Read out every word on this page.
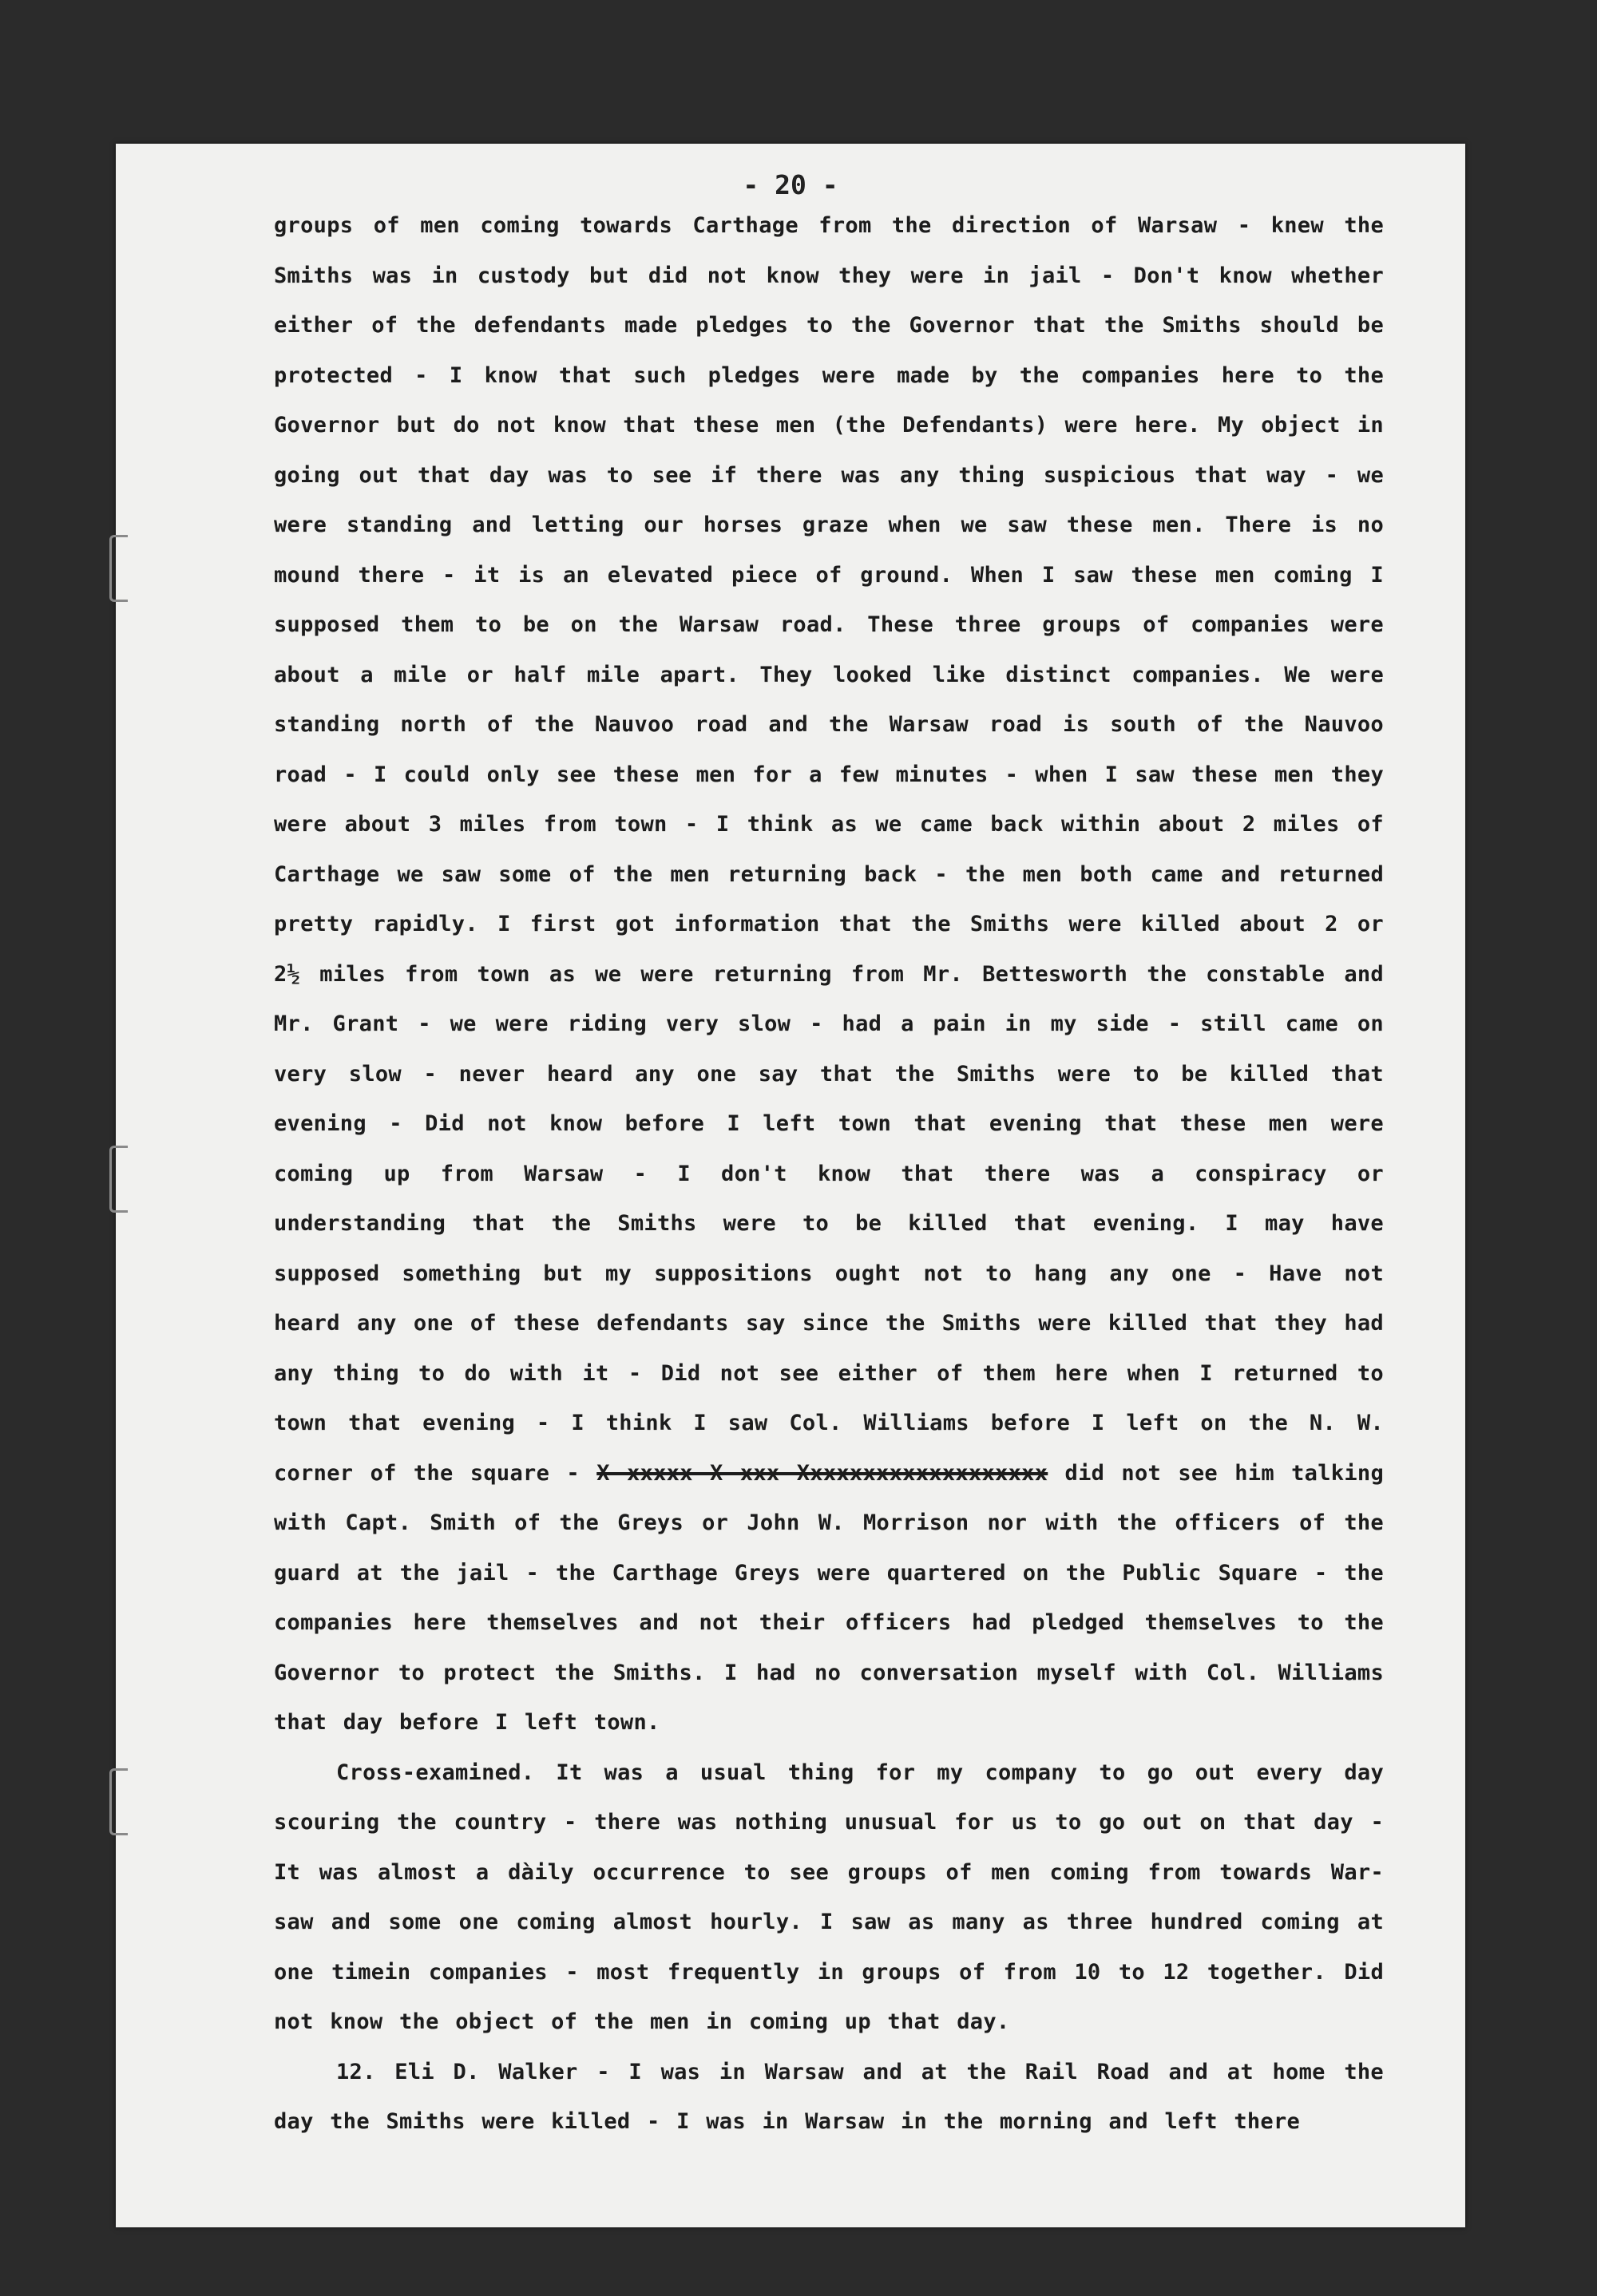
- 20 -

groups of men coming towards Carthage from the direction of Warsaw - knew the Smiths was in custody but did not know they were in jail - Don't know whether either of the defendants made pledges to the Governor that the Smiths should be protected - I know that such pledges were made by the companies here to the Governor but do not know that these men (the Defendants) were here. My object in going out that day was to see if there was any thing suspicious that way - we were standing and letting our horses graze when we saw these men. There is no mound there - it is an elevated piece of ground. When I saw these men coming I supposed them to be on the Warsaw road. These three groups of companies were about a mile or half mile apart. They looked like distinct companies. We were standing north of the Nauvoo road and the Warsaw road is south of the Nauvoo road - I could only see these men for a few minutes - when I saw these men they were about 3 miles from town - I think as we came back within about 2 miles of Carthage we saw some of the men returning back - the men both came and returned pretty rapidly. I first got information that the Smiths were killed about 2 or 2½ miles from town as we were returning from Mr. Bettesworth the constable and Mr. Grant - we were riding very slow - had a pain in my side - still came on very slow - never heard any one say that the Smiths were to be killed that evening - Did not know before I left town that evening that these men were coming up from Warsaw - I don't know that there was a conspiracy or understanding that the Smiths were to be killed that evening. I may have supposed something but my suppositions ought not to hang any one - Have not heard any one of these defendants say since the Smiths were killed that they had any thing to do with it - Did not see either of them here when I returned to town that evening - I think I saw Col. Williams before I left on the N. W. corner of the square - X xxxxx X xxx Xxxxxxxxxxxxxxxxxxx did not see him talking with Capt. Smith of the Greys or John W. Morrison nor with the officers of the guard at the jail - the Carthage Greys were quartered on the Public Square - the companies here themselves and not their officers had pledged themselves to the Governor to protect the Smiths. I had no conversation myself with Col. Williams that day before I left town.

Cross-examined. It was a usual thing for my company to go out every day scouring the country - there was nothing unusual for us to go out on that day - It was almost a dàily occurrence to see groups of men coming from towards War- saw and some one coming almost hourly. I saw as many as three hundred coming at one timein companies - most frequently in groups of from 10 to 12 together. Did not know the object of the men in coming up that day.

12. Eli D. Walker - I was in Warsaw and at the Rail Road and at home the day the Smiths were killed - I was in Warsaw in the morning and left there
